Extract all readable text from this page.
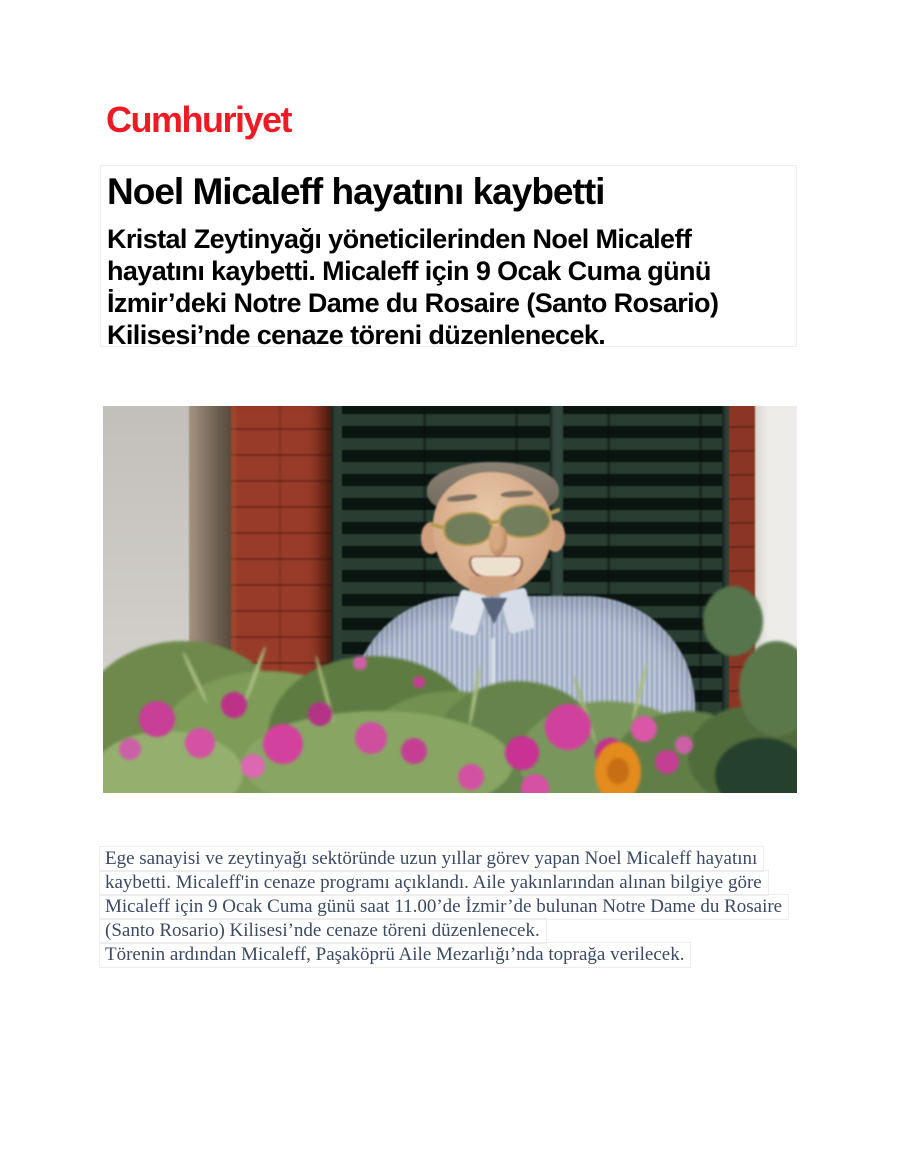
Cumhuriyet
Noel Micaleff hayatını kaybetti
Kristal Zeytinyağı yöneticilerinden Noel Micaleff
hayatını kaybetti. Micaleff için 9 Ocak Cuma günü
İzmir’deki Notre Dame du Rosaire (Santo Rosario)
Kilisesi’nde cenaze töreni düzenlenecek.
Ege sanayisi ve zeytinyağı sektöründe uzun yıllar görev yapan Noel Micaleff hayatını
kaybetti. Micaleff'in cenaze programı açıklandı. Aile yakınlarından alınan bilgiye göre
Micaleff için 9 Ocak Cuma günü saat 11.00’de İzmir’de bulunan Notre Dame du Rosaire
(Santo Rosario) Kilisesi’nde cenaze töreni düzenlenecek.
Törenin ardından Micaleff, Paşaköprü Aile Mezarlığı’nda toprağa verilecek.
